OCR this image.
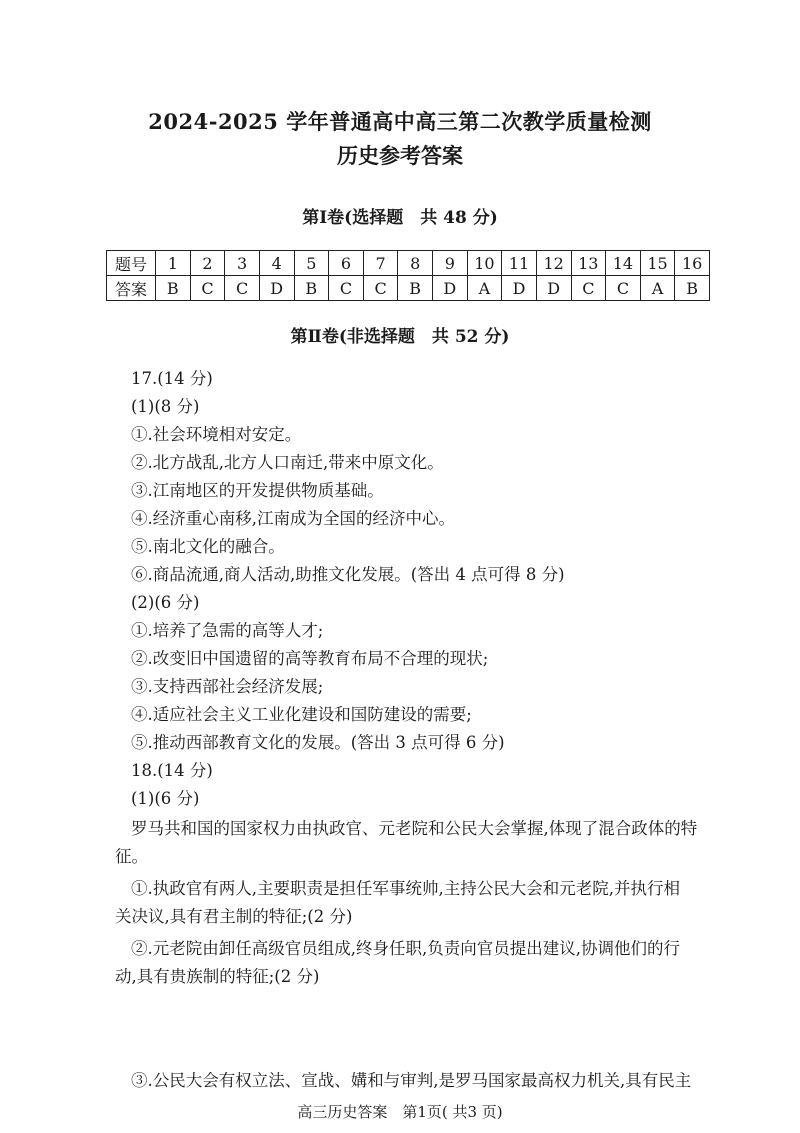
2024-2025 学年普通高中高三第二次教学质量检测
历史参考答案
第Ⅰ卷(选择题　共 48 分)
题号	1	2	3	4	5	6	7	8	9	10	11	12	13	14	15	16
答案	B	C	C	D	B	C	C	B	D	A	D	D	C	C	A	B
第Ⅱ卷(非选择题　共 52 分)
17.(14 分)
(1)(8 分)
①.社会环境相对安定。
②.北方战乱,北方人口南迁,带来中原文化。
③.江南地区的开发提供物质基础。
④.经济重心南移,江南成为全国的经济中心。
⑤.南北文化的融合。
⑥.商品流通,商人活动,助推文化发展。(答出 4 点可得 8 分)
(2)(6 分)
①.培养了急需的高等人才;
②.改变旧中国遗留的高等教育布局不合理的现状;
③.支持西部社会经济发展;
④.适应社会主义工业化建设和国防建设的需要;
⑤.推动西部教育文化的发展。(答出 3 点可得 6 分)
18.(14 分)
(1)(6 分)
罗马共和国的国家权力由执政官、元老院和公民大会掌握,体现了混合政体的特
征。
①.执政官有两人,主要职责是担任军事统帅,主持公民大会和元老院,并执行相
关决议,具有君主制的特征;(2 分)
②.元老院由卸任高级官员组成,终身任职,负责向官员提出建议,协调他们的行
动,具有贵族制的特征;(2 分)
③.公民大会有权立法、宣战、媾和与审判,是罗马国家最高权力机关,具有民主
高三历史答案　第1页( 共3 页)
